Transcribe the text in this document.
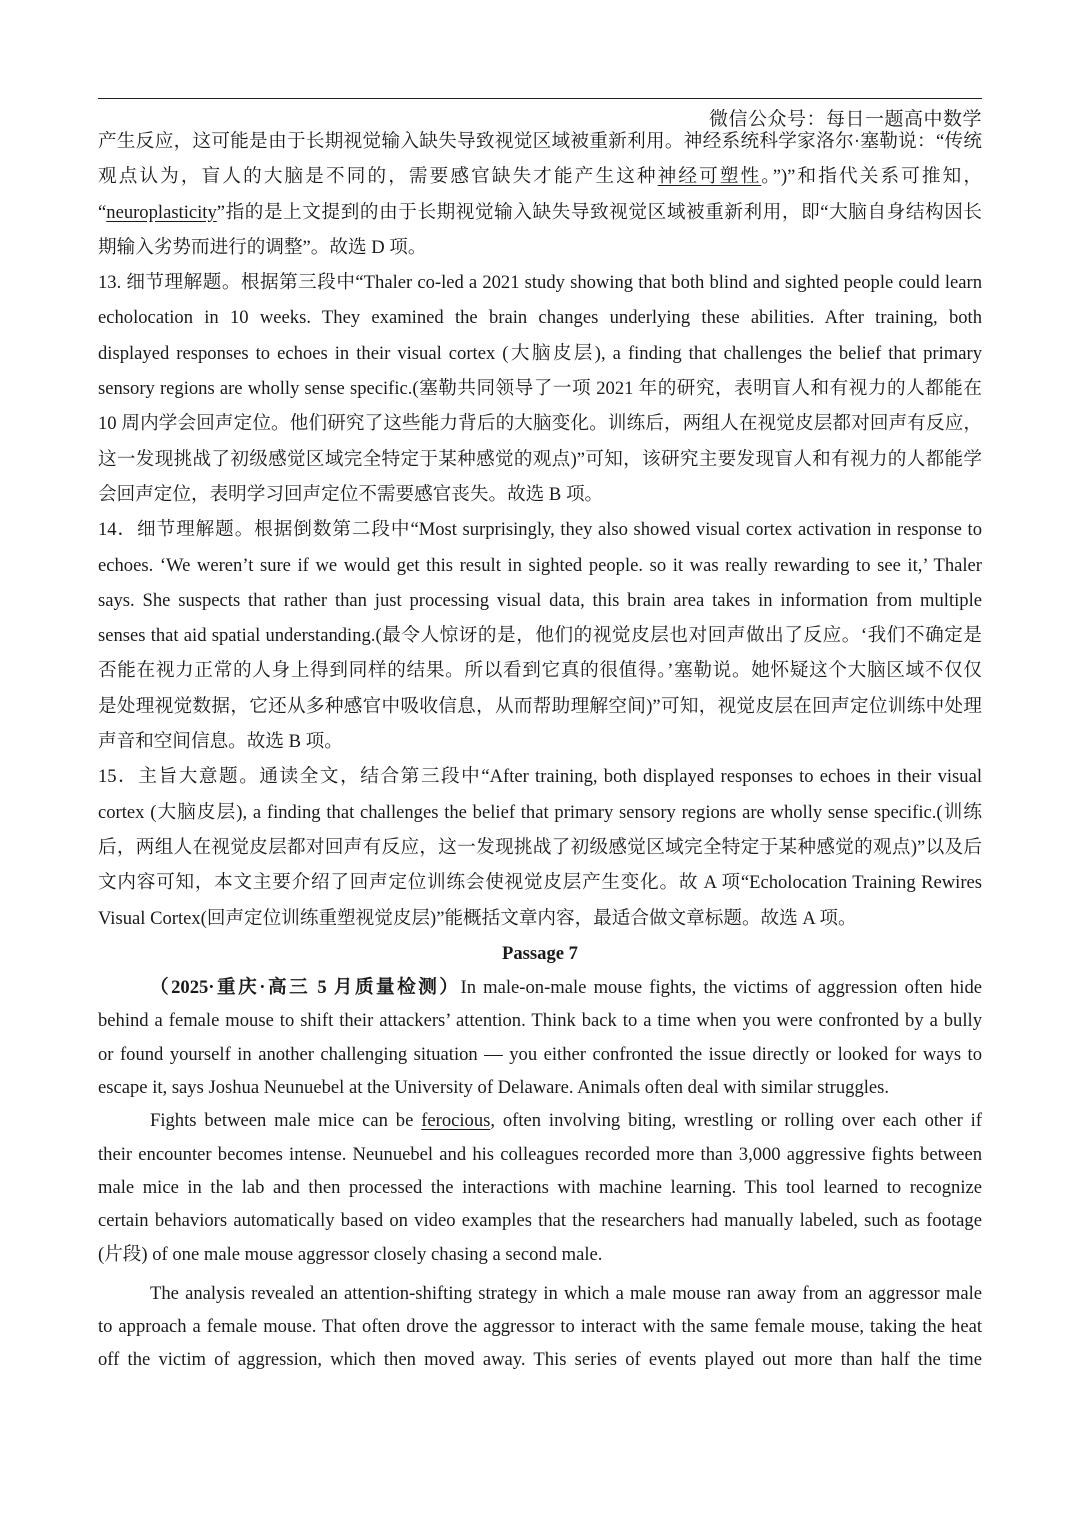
微信公众号：每日一题高中数学
产生反应，这可能是由于长期视觉输入缺失导致视觉区域被重新利用。神经系统科学家洛尔·塞勒说：“传统
观点认为，盲人的大脑是不同的，需要感官缺失才能产生这种神经可塑性。”)”和指代关系可推知，
“neuroplasticity”指的是上文提到的由于长期视觉输入缺失导致视觉区域被重新利用，即“大脑自身结构因长
期输入劣势而进行的调整”。故选 D 项。
13. 细节理解题。根据第三段中“Thaler co-led a 2021 study showing that both blind and sighted people could learn
echolocation in 10 weeks. They examined the brain changes underlying these abilities. After training, both
displayed responses to echoes in their visual cortex (大脑皮层), a finding that challenges the belief that primary
sensory regions are wholly sense specific.(塞勒共同领导了一项 2021 年的研究，表明盲人和有视力的人都能在
10 周内学会回声定位。他们研究了这些能力背后的大脑变化。训练后，两组人在视觉皮层都对回声有反应，
这一发现挑战了初级感觉区域完全特定于某种感觉的观点)”可知，该研究主要发现盲人和有视力的人都能学
会回声定位，表明学习回声定位不需要感官丧失。故选 B 项。
14．细节理解题。根据倒数第二段中“Most surprisingly, they also showed visual cortex activation in response to
echoes. ‘We weren’t sure if we would get this result in sighted people. so it was really rewarding to see it,’ Thaler
says. She suspects that rather than just processing visual data, this brain area takes in information from multiple
senses that aid spatial understanding.(最令人惊讶的是，他们的视觉皮层也对回声做出了反应。‘我们不确定是
否能在视力正常的人身上得到同样的结果。所以看到它真的很值得。’塞勒说。她怀疑这个大脑区域不仅仅
是处理视觉数据，它还从多种感官中吸收信息，从而帮助理解空间)”可知，视觉皮层在回声定位训练中处理
声音和空间信息。故选 B 项。
15．主旨大意题。通读全文，结合第三段中“After training, both displayed responses to echoes in their visual
cortex (大脑皮层), a finding that challenges the belief that primary sensory regions are wholly sense specific.(训练
后，两组人在视觉皮层都对回声有反应，这一发现挑战了初级感觉区域完全特定于某种感觉的观点)”以及后
文内容可知，本文主要介绍了回声定位训练会使视觉皮层产生变化。故 A 项“Echolocation Training Rewires
Visual Cortex(回声定位训练重塑视觉皮层)”能概括文章内容，最适合做文章标题。故选 A 项。
Passage 7
（2025·重庆·高三 5 月质量检测）In male-on-male mouse fights, the victims of aggression often hide
behind a female mouse to shift their attackers’ attention. Think back to a time when you were confronted by a bully
or found yourself in another challenging situation — you either confronted the issue directly or looked for ways to
escape it, says Joshua Neunuebel at the University of Delaware. Animals often deal with similar struggles.
Fights between male mice can be ferocious, often involving biting, wrestling or rolling over each other if
their encounter becomes intense. Neunuebel and his colleagues recorded more than 3,000 aggressive fights between
male mice in the lab and then processed the interactions with machine learning. This tool learned to recognize
certain behaviors automatically based on video examples that the researchers had manually labeled, such as footage
(片段) of one male mouse aggressor closely chasing a second male.
The analysis revealed an attention-shifting strategy in which a male mouse ran away from an aggressor male
to approach a female mouse. That often drove the aggressor to interact with the same female mouse, taking the heat
off the victim of aggression, which then moved away. This series of events played out more than half the time
